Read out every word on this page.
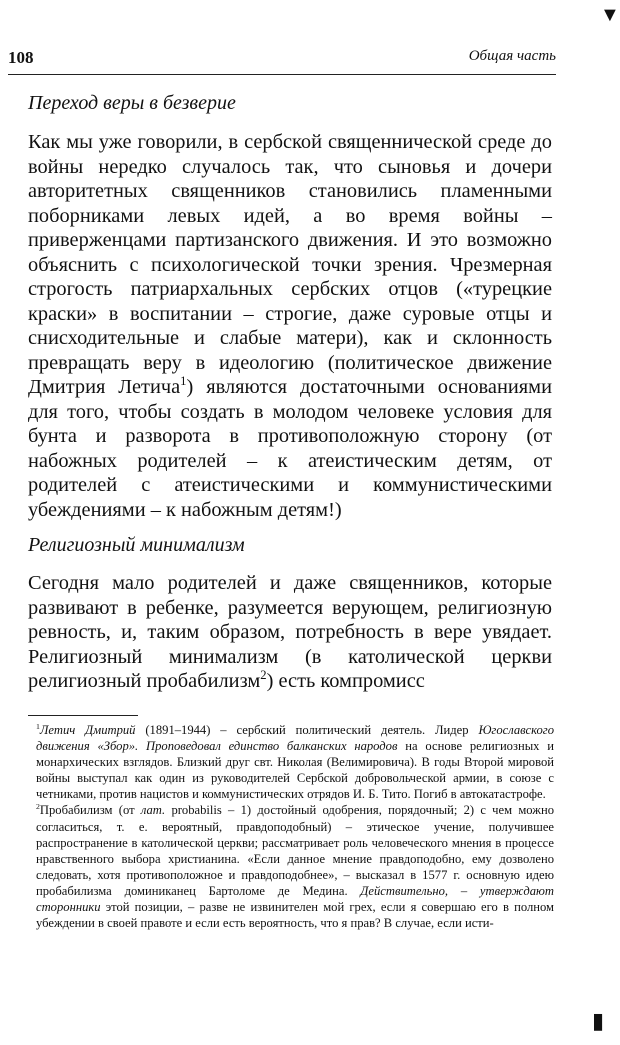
▼
108	Общая часть
Переход веры в безверие

Как мы уже говорили, в сербской священнической среде до войны нередко случалось так, что сыновья и дочери авторитетных священников становились пламенными поборниками левых идей, а во время войны – приверженцами партизанского движения. И это возможно объяснить с психологической точки зрения. Чрезмерная строгость патриархальных сербских отцов («турецкие краски» в воспитании – строгие, даже суровые отцы и снисходительные и слабые матери), как и склонность превращать веру в идеологию (политическое движение Дмитрия Летича$^1$) являются достаточными основаниями для того, чтобы создать в молодом человеке условия для бунта и разворота в противоположную сторону (от набожных родителей – к атеистическим детям, от родителей с атеистическими и коммунистическими убеждениями – к набожным детям!)

Религиозный минимализм

Сегодня мало родителей и даже священников, которые развивают в ребенке, разумеется верующем, религиозную ревность, и, таким образом, потребность в вере увядает. Религиозный минимализм (в католической церкви религиозный пробабилизм$^2$) есть компромисс

$^1$Летич Дмитрий (1891–1944) – сербский политический деятель. Лидер Югославского движения «Збор». Проповедовал единство балканских народов на основе религиозных и монархических взглядов. Близкий друг свт. Николая (Велимировича). В годы Второй мировой войны выступал как один из руководителей Сербской добровольческой армии, в союзе с четниками, против нацистов и коммунистических отрядов И. Б. Тито. Погиб в автокатастрофе.

$^2$Пробабилизм (от лат. probabilis – 1) достойный одобрения, порядочный; 2) с чем можно согласиться, т. е. вероятный, правдоподобный) – этическое учение, получившее распространение в католической церкви; рассматривает роль человеческого мнения в процессе нравственного выбора христианина. «Если данное мнение правдоподобно, ему дозволено следовать, хотя противоположное и правдоподобнее», – высказал в 1577 г. основную идею пробабилизма доминиканец Бартоломе де Медина. Действительно, – утверждают сторонники этой позиции, – разве не извинителен мой грех, если я совершаю его в полном убеждении в своей правоте и если есть вероятность, что я прав? В случае, если исти-

▮
